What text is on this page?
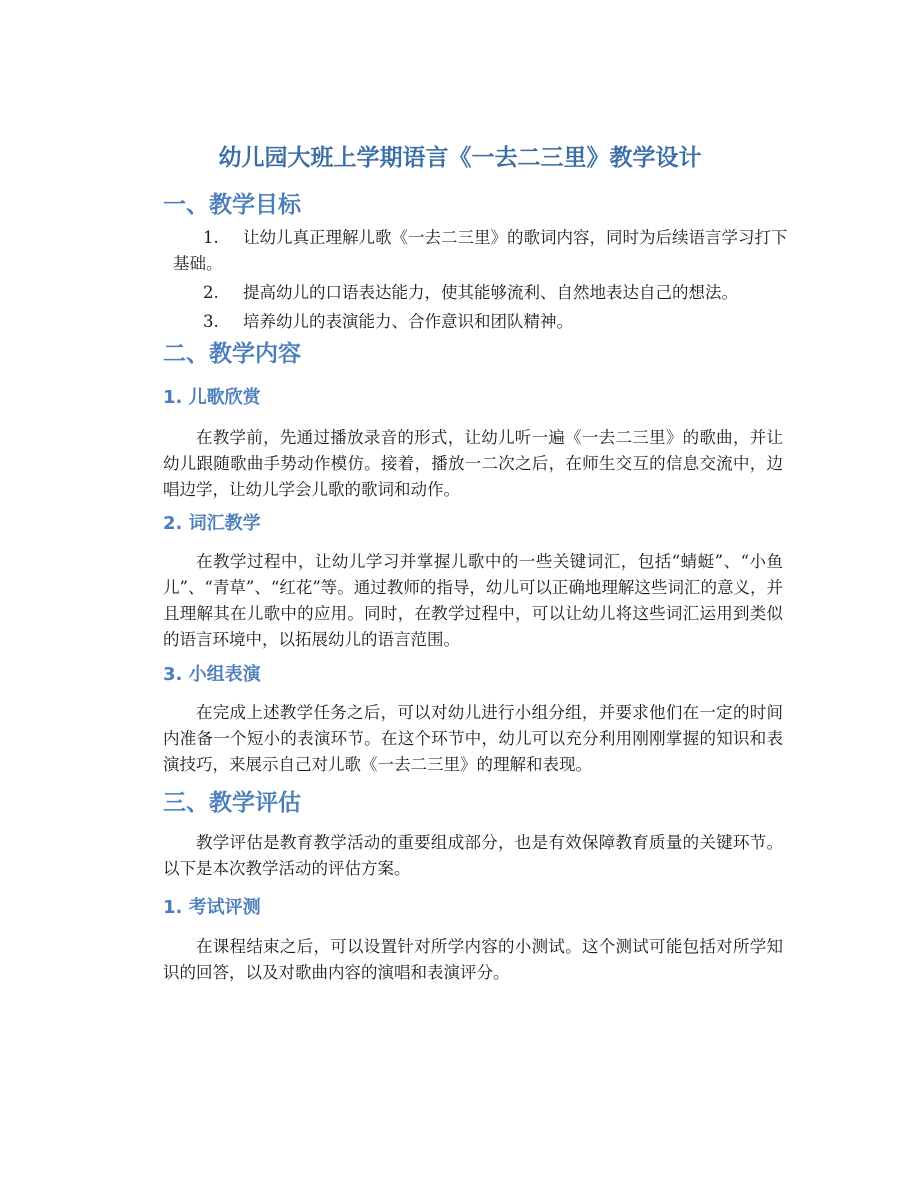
幼儿园大班上学期语言《一去二三里》教学设计
一、教学目标
1. 让幼儿真正理解儿歌《一去二三里》的歌词内容，同时为后续语言学习打下基础。
2. 提高幼儿的口语表达能力，使其能够流利、自然地表达自己的想法。
3. 培养幼儿的表演能力、合作意识和团队精神。
二、教学内容
1. 儿歌欣赏

在教学前，先通过播放录音的形式，让幼儿听一遍《一去二三里》的歌曲，并让幼儿跟随歌曲手势动作模仿。接着，播放一二次之后，在师生交互的信息交流中，边唱边学，让幼儿学会儿歌的歌词和动作。

2. 词汇教学

在教学过程中，让幼儿学习并掌握儿歌中的一些关键词汇，包括“蜻蜓”、“小鱼儿”、“青草”、“红花”等。通过教师的指导，幼儿可以正确地理解这些词汇的意义，并且理解其在儿歌中的应用。同时，在教学过程中，可以让幼儿将这些词汇运用到类似的语言环境中，以拓展幼儿的语言范围。

3. 小组表演

在完成上述教学任务之后，可以对幼儿进行小组分组，并要求他们在一定的时间内准备一个短小的表演环节。在这个环节中，幼儿可以充分利用刚刚掌握的知识和表演技巧，来展示自己对儿歌《一去二三里》的理解和表现。

三、教学评估

教学评估是教育教学活动的重要组成部分，也是有效保障教育质量的关键环节。以下是本次教学活动的评估方案。

1. 考试评测

在课程结束之后，可以设置针对所学内容的小测试。这个测试可能包括对所学知识的回答，以及对歌曲内容的演唱和表演评分。
